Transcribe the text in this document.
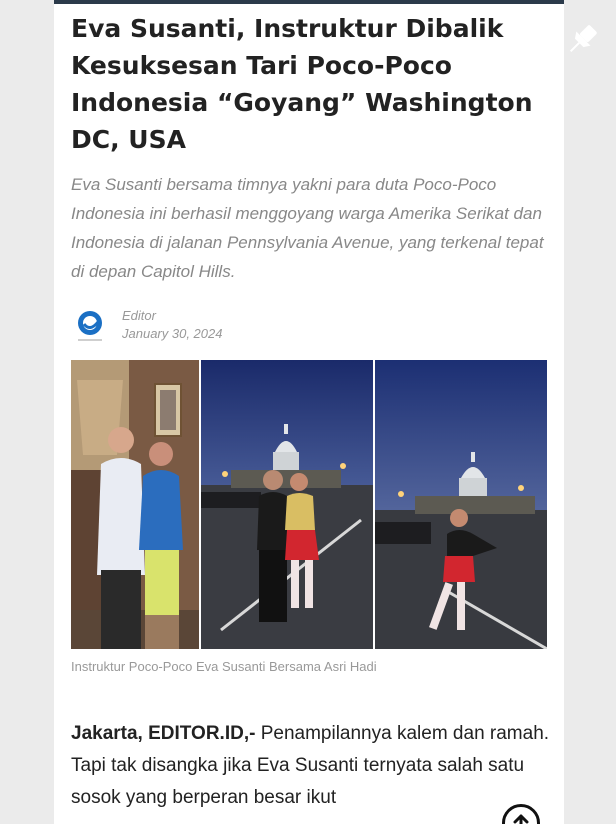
Eva Susanti, Instruktur Dibalik Kesuksesan Tari Poco-Poco Indonesia “Goyang” Washington DC, USA

Eva Susanti bersama timnya yakni para duta Poco-Poco Indonesia ini berhasil menggoyang warga Amerika Serikat dan Indonesia di jalanan Pennsylvania Avenue, yang terkenal tepat di depan Capitol Hills.

Editor
January 30, 2024
Instruktur Poco-Poco Eva Susanti Bersama Asri Hadi

Jakarta, EDITOR.ID,- Penampilannya kalem dan ramah. Tapi tak disangka jika Eva Susanti ternyata salah satu sosok yang berperan besar ikut
